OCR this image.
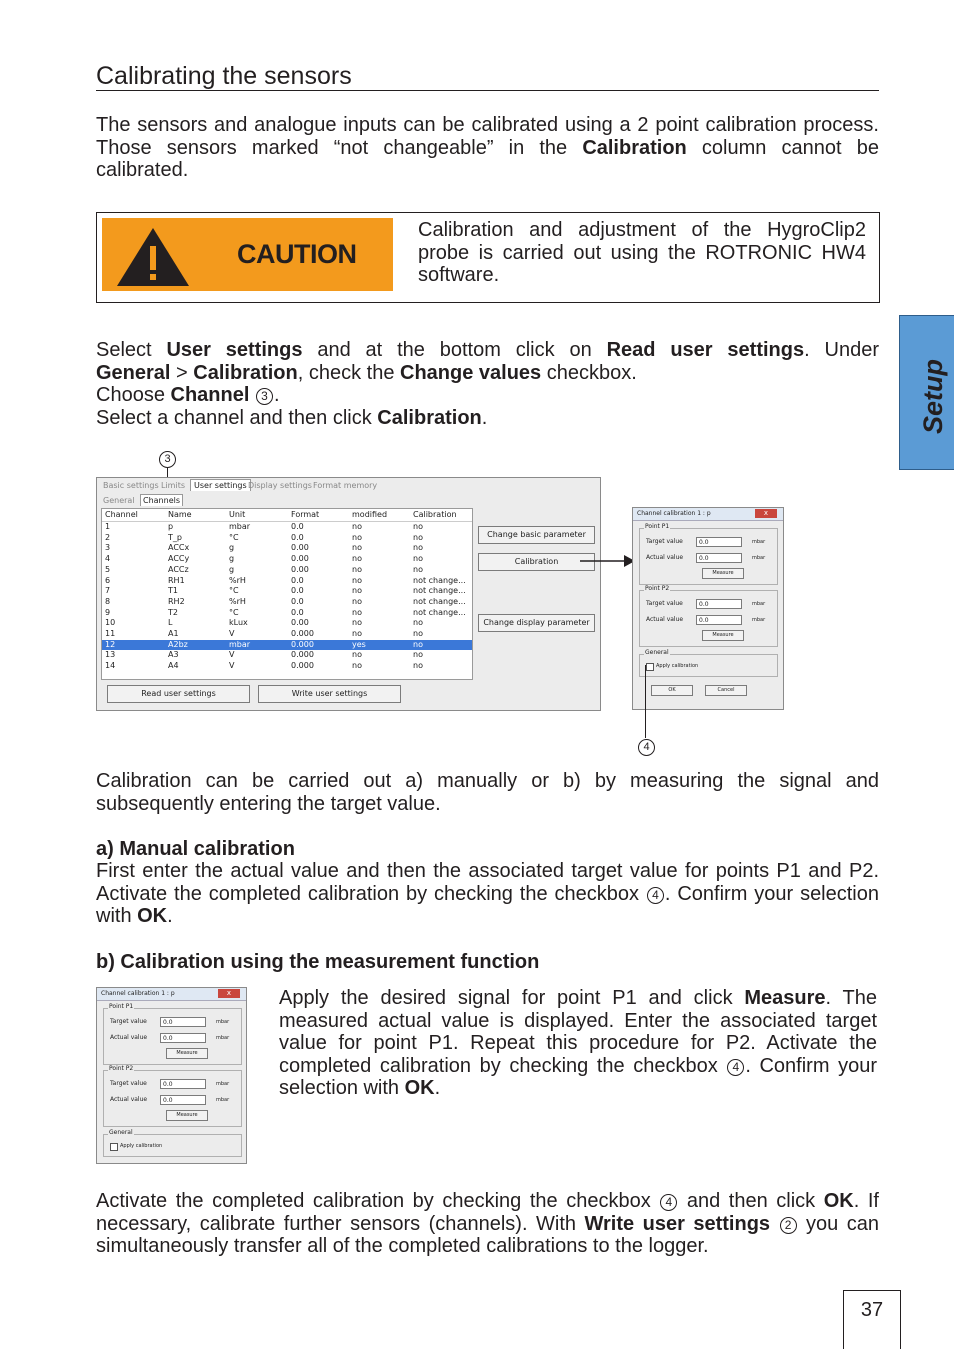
Calibrating the sensors

The sensors and analogue inputs can be calibrated using a 2 point calibration process. Those sensors marked “not changeable” in the Calibration column cannot be calibrated.

CAUTION
Calibration and adjustment of the HygroClip2 probe is carried out using the ROTRONIC HW4 software.
Select User settings and at the bottom click on Read user settings. Under
General > Calibration, check the Change values checkbox.
Choose Channel 3 .
Select a channel and then click Calibration.
3
Basic settings Limits	User settings Display settings Format memory
General	Channels
Channel	Name	Unit	Format	modified	Calibration
1	p	mbar	0.0	no	no
2	T_p	°C	0.0	no	no
3	ACCx	g	0.00	no	no
4	ACCy	g	0.00	no	no
5	ACCz	g	0.00	no	no
6	RH1	%rH	0.0	no	not change...
7	T1	°C	0.0	no	not change...
8	RH2	%rH	0.0	no	not change...
9	T2	°C	0.0	no	not change...
10	L	kLux	0.00	no	no
11	A1	V	0.000	no	no
12	A2bz	mbar	0.000	yes	no
13	A3	V	0.000	no	no
14	A4	V	0.000	no	no
Change basic parameter
Calibration
Change display parameter
Read user settings	Write user settings
Channel calibration 1 : p	x
Point P1
Target value	0.0	mbar
Actual value	0.0	mbar
Measure
Point P2
Target value	0.0	mbar
Actual value	0.0	mbar
Measure
General
Apply calibration
OK	Cancel
4

Calibration can be carried out a) manually or b) by measuring the signal and subsequently entering the target value.

a) Manual calibration

First enter the actual value and then the associated target value for points P1 and P2. Activate the completed calibration by checking the checkbox 4 . Confirm your selection with OK.

b) Calibration using the measurement function
Channel calibration 1 : p	x
Point P1
Target value	0.0	mbar
Actual value	0.0	mbar
Measure
Point P2
Target value	0.0	mbar
Actual value	0.0	mbar
Measure
General
Apply calibration

Apply the desired signal for point P1 and click Measure. The measured actual value is displayed. Enter the associated target value for point P1. Repeat this procedure for P2. Activate the completed calibration by checking the checkbox 4 . Confirm your selection with OK.

Activate the completed calibration by checking the checkbox 4 and then click OK. If necessary, calibrate further sensors (channels). With Write user settings 2 you can simultaneously transfer all of the completed calibrations to the logger.

Setup
37
